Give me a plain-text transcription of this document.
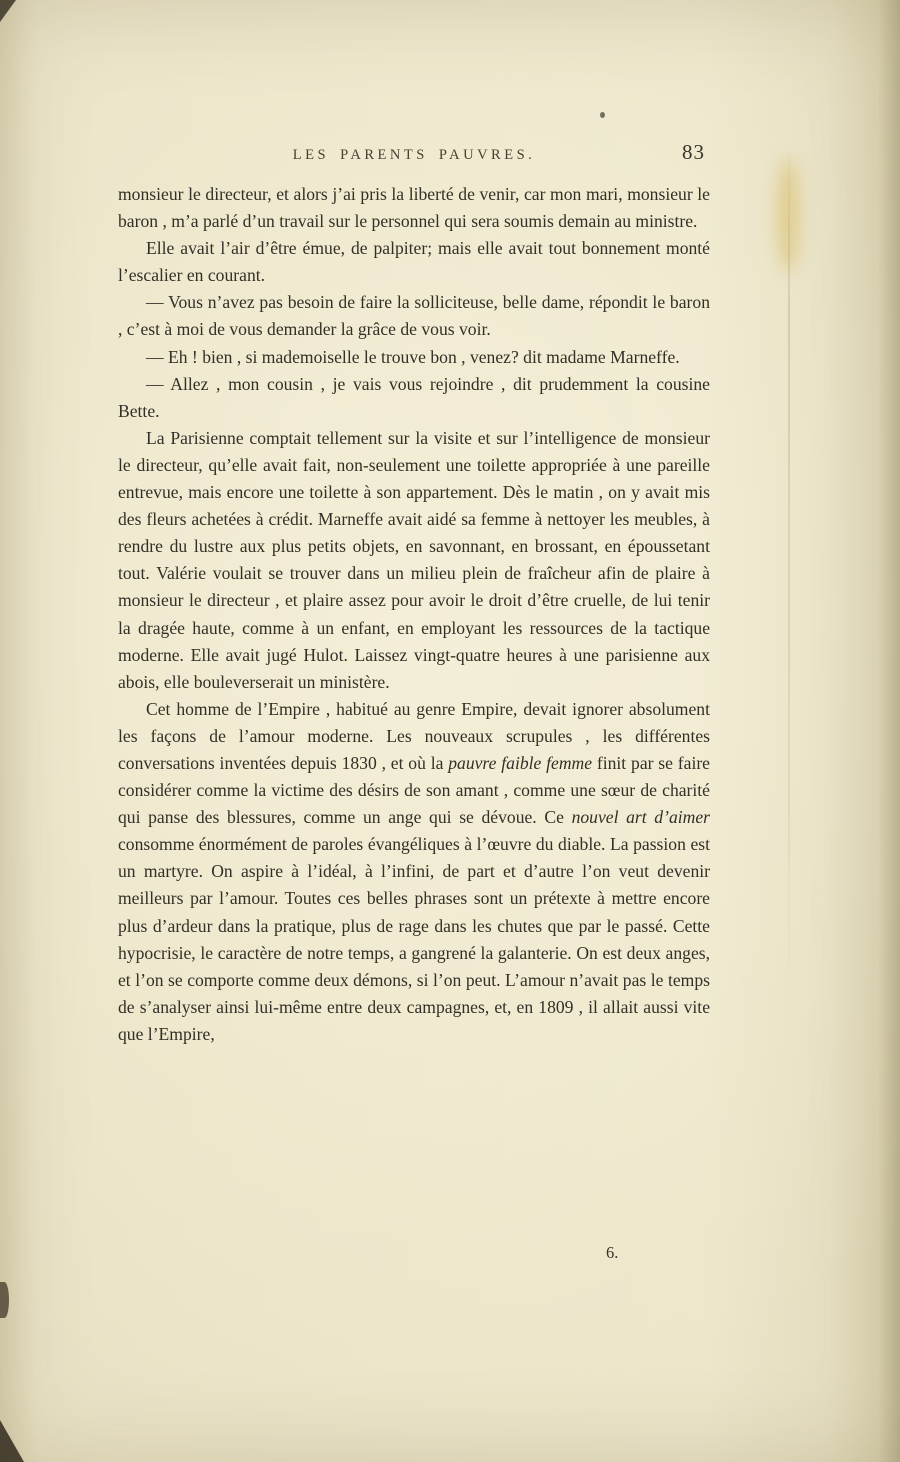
LES PARENTS PAUVRES.	83

monsieur le directeur, et alors j’ai pris la liberté de venir, car mon mari, monsieur le baron , m’a parlé d’un travail sur le personnel qui sera soumis demain au ministre.

Elle avait l’air d’être émue, de palpiter; mais elle avait tout bonnement monté l’escalier en courant.

— Vous n’avez pas besoin de faire la solliciteuse, belle dame, répondit le baron , c’est à moi de vous demander la grâce de vous voir.

— Eh ! bien , si mademoiselle le trouve bon , venez? dit madame Marneffe.

— Allez , mon cousin , je vais vous rejoindre , dit prudemment la cousine Bette.

La Parisienne comptait tellement sur la visite et sur l’intelligence de monsieur le directeur, qu’elle avait fait, non-seulement une toilette appropriée à une pareille entrevue, mais encore une toilette à son appartement. Dès le matin , on y avait mis des fleurs achetées à crédit. Marneffe avait aidé sa femme à nettoyer les meubles, à rendre du lustre aux plus petits objets, en savonnant, en brossant, en époussetant tout. Valérie voulait se trouver dans un milieu plein de fraîcheur afin de plaire à monsieur le directeur , et plaire assez pour avoir le droit d’être cruelle, de lui tenir la dragée haute, comme à un enfant, en employant les ressources de la tactique moderne. Elle avait jugé Hulot. Laissez vingt-quatre heures à une parisienne aux abois, elle bouleverserait un ministère.

Cet homme de l’Empire , habitué au genre Empire, devait ignorer absolument les façons de l’amour moderne. Les nouveaux scrupules , les différentes conversations inventées depuis 1830 , et où la pauvre faible femme finit par se faire considérer comme la victime des désirs de son amant , comme une sœur de charité qui panse des blessures, comme un ange qui se dévoue. Ce nouvel art d’aimer consomme énormément de paroles évangéliques à l’œuvre du diable. La passion est un martyre. On aspire à l’idéal, à l’infini, de part et d’autre l’on veut devenir meilleurs par l’amour. Toutes ces belles phrases sont un prétexte à mettre encore plus d’ardeur dans la pratique, plus de rage dans les chutes que par le passé. Cette hypocrisie, le caractère de notre temps, a gangrené la galanterie. On est deux anges, et l’on se comporte comme deux démons, si l’on peut. L’amour n’avait pas le temps de s’analyser ainsi lui-même entre deux campagnes, et, en 1809 , il allait aussi vite que l’Empire,

6.
